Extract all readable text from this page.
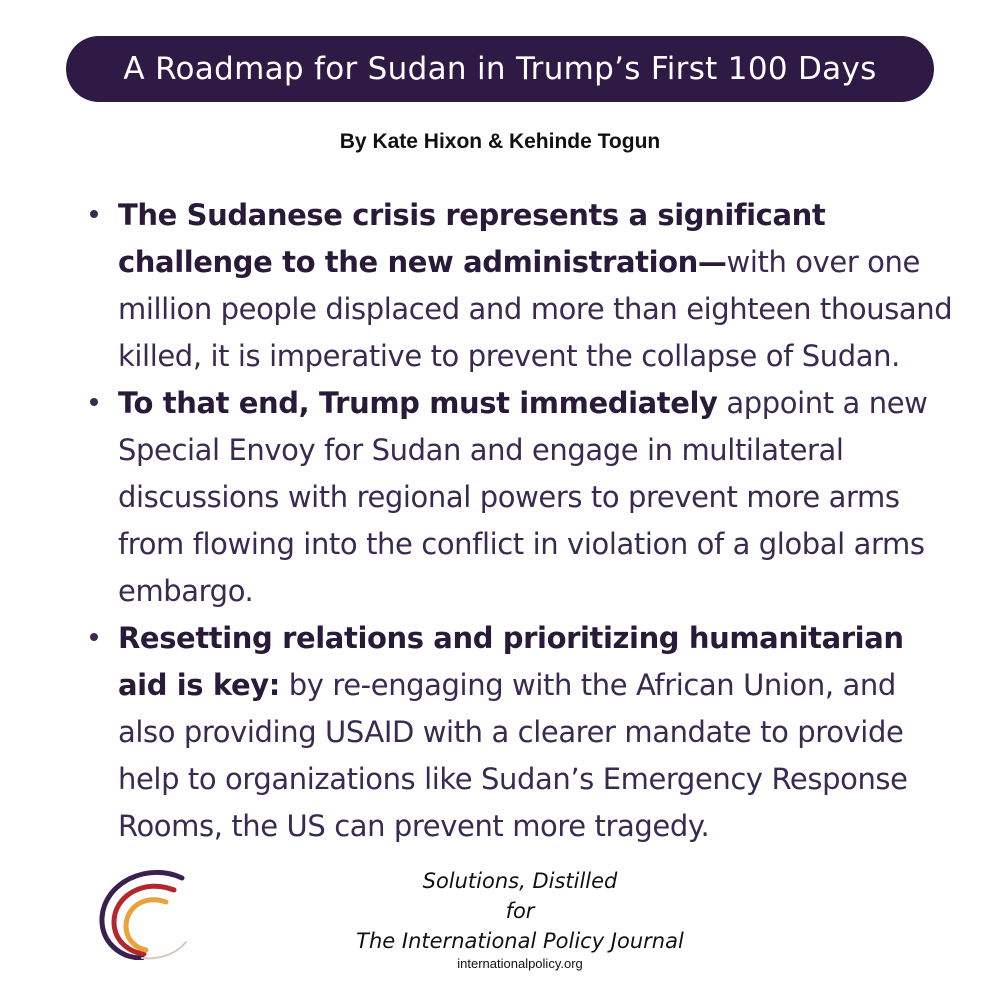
A Roadmap for Sudan in Trump’s First 100 Days
By Kate Hixon & Kehinde Togun
The Sudanese crisis represents a significant challenge to the new administration—with over one million people displaced and more than eighteen thousand killed, it is imperative to prevent the collapse of Sudan.
To that end, Trump must immediately appoint a new Special Envoy for Sudan and engage in multilateral discussions with regional powers to prevent more arms from flowing into the conflict in violation of a global arms embargo.
Resetting relations and prioritizing humanitarian aid is key: by re-engaging with the African Union, and also providing USAID with a clearer mandate to provide help to organizations like Sudan’s Emergency Response Rooms, the US can prevent more tragedy.
Solutions, Distilled
for
The International Policy Journal
internationalpolicy.org
